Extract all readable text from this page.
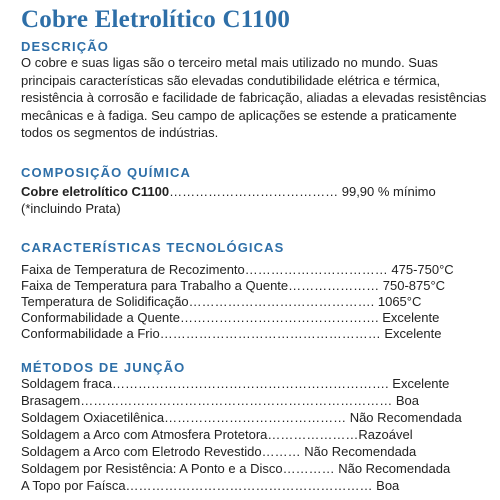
Cobre Eletrolítico C1100
DESCRIÇÃO
O cobre e suas ligas são o terceiro metal mais utilizado no mundo. Suas principais características são elevadas condutibilidade elétrica e térmica, resistência à corrosão e facilidade de fabricação, aliadas a elevadas resistências mecânicas e à fadiga. Seu campo de aplicações se estende a praticamente todos os segmentos de indústrias.
COMPOSIÇÃO QUÍMICA
Cobre eletrolítico C1100………………………………… 99,90 % mínimo
(*incluindo Prata)
CARACTERÍSTICAS TECNOLÓGICAS
Faixa de Temperatura de Recozimento…………………………… 475-750°C
Faixa de Temperatura para Trabalho a Quente………………… 750-875°C
Temperatura de Solidificação……………………………………. 1065°C
Conformabilidade a Quente………………………………………. Excelente
Conformabilidade a Frio…………………………………………… Excelente
MÉTODOS DE JUNÇÃO
Soldagem fraca………………………………………………………. Excelente
Brasagem……………………………………………………………… Boa
Soldagem Oxiacetilênica…………………………………… Não Recomendada
Soldagem a Arco com Atmosfera Protetora…………………Razoável
Soldagem a Arco com Eletrodo Revestido……… Não Recomendada
Soldagem por Resistência: A Ponto e a Disco………… Não Recomendada
A Topo por Faísca………………………………………………… Boa
